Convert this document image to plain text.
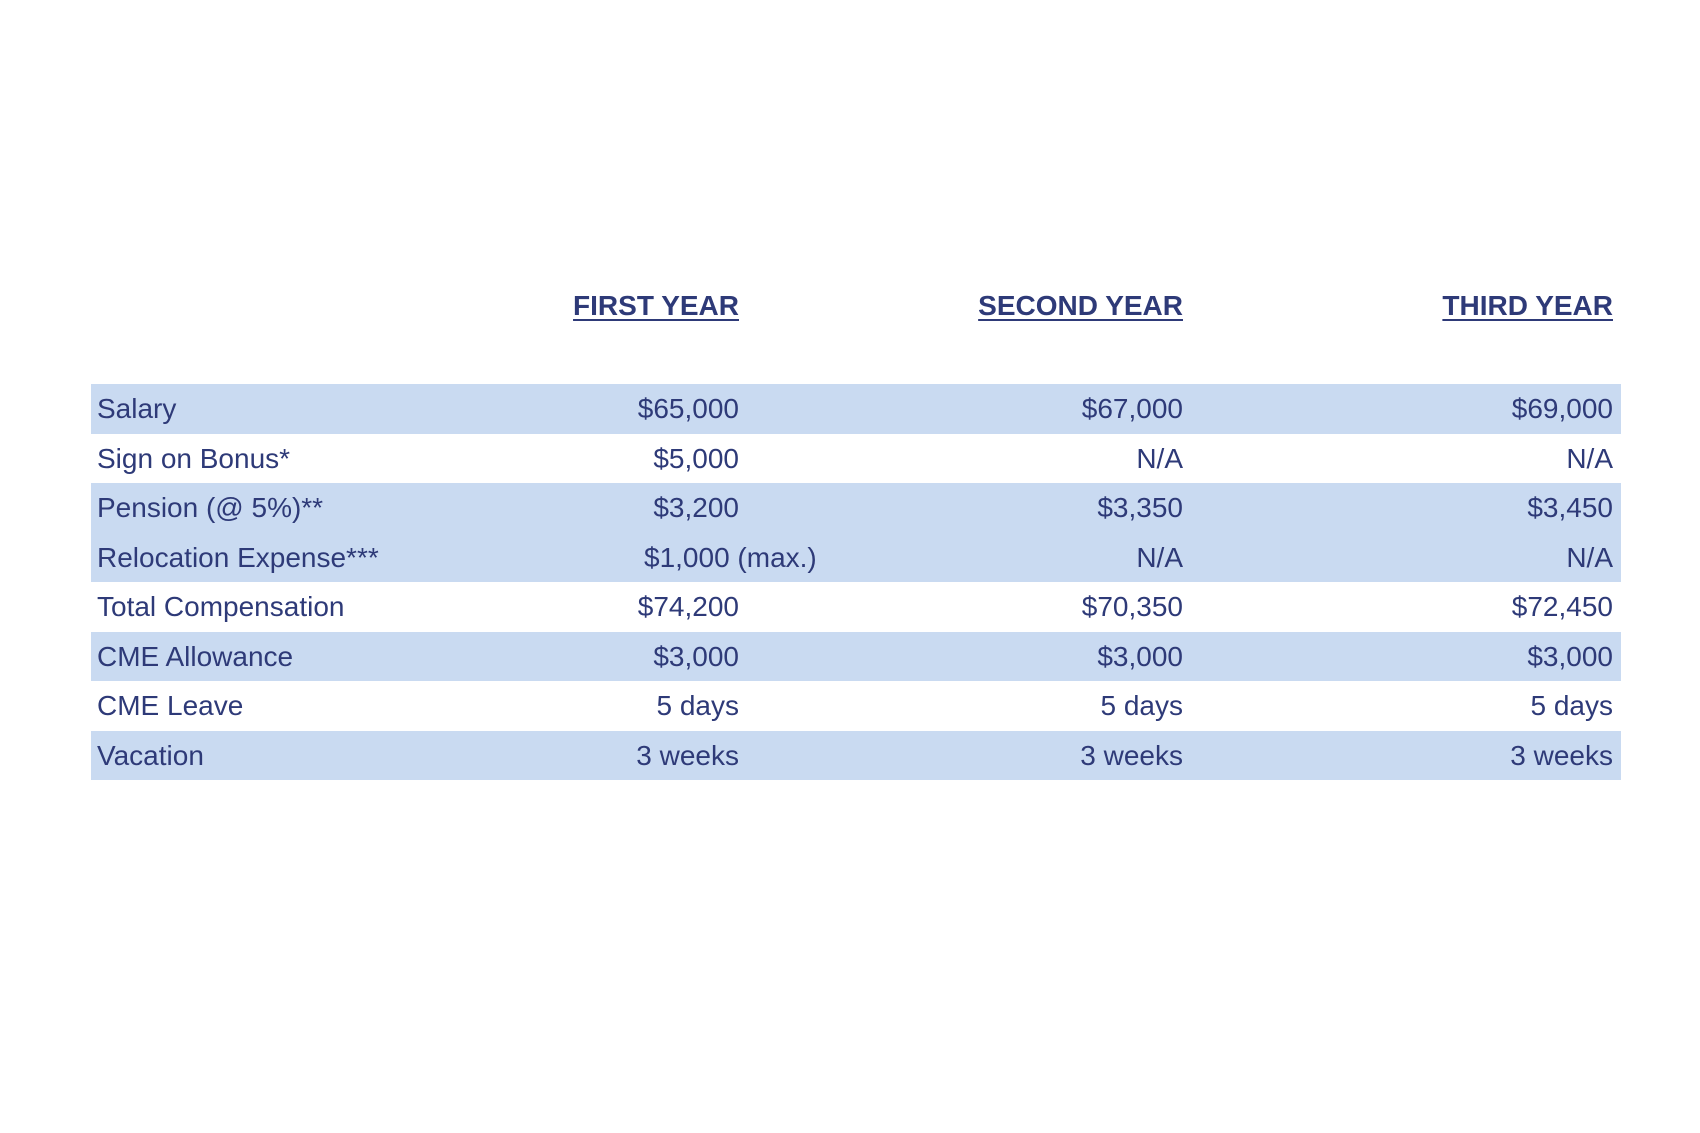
FIRST YEAR	SECOND YEAR	THIRD YEAR
Salary	$65,000	$67,000	$69,000
Sign on Bonus*	$5,000	N/A	N/A
Pension (@ 5%)**	$3,200	$3,350	$3,450
Relocation Expense***	$1,000 (max.)	N/A	N/A
Total Compensation	$74,200	$70,350	$72,450
CME Allowance	$3,000	$3,000	$3,000
CME Leave	5 days	5 days	5 days
Vacation	3 weeks	3 weeks	3 weeks
